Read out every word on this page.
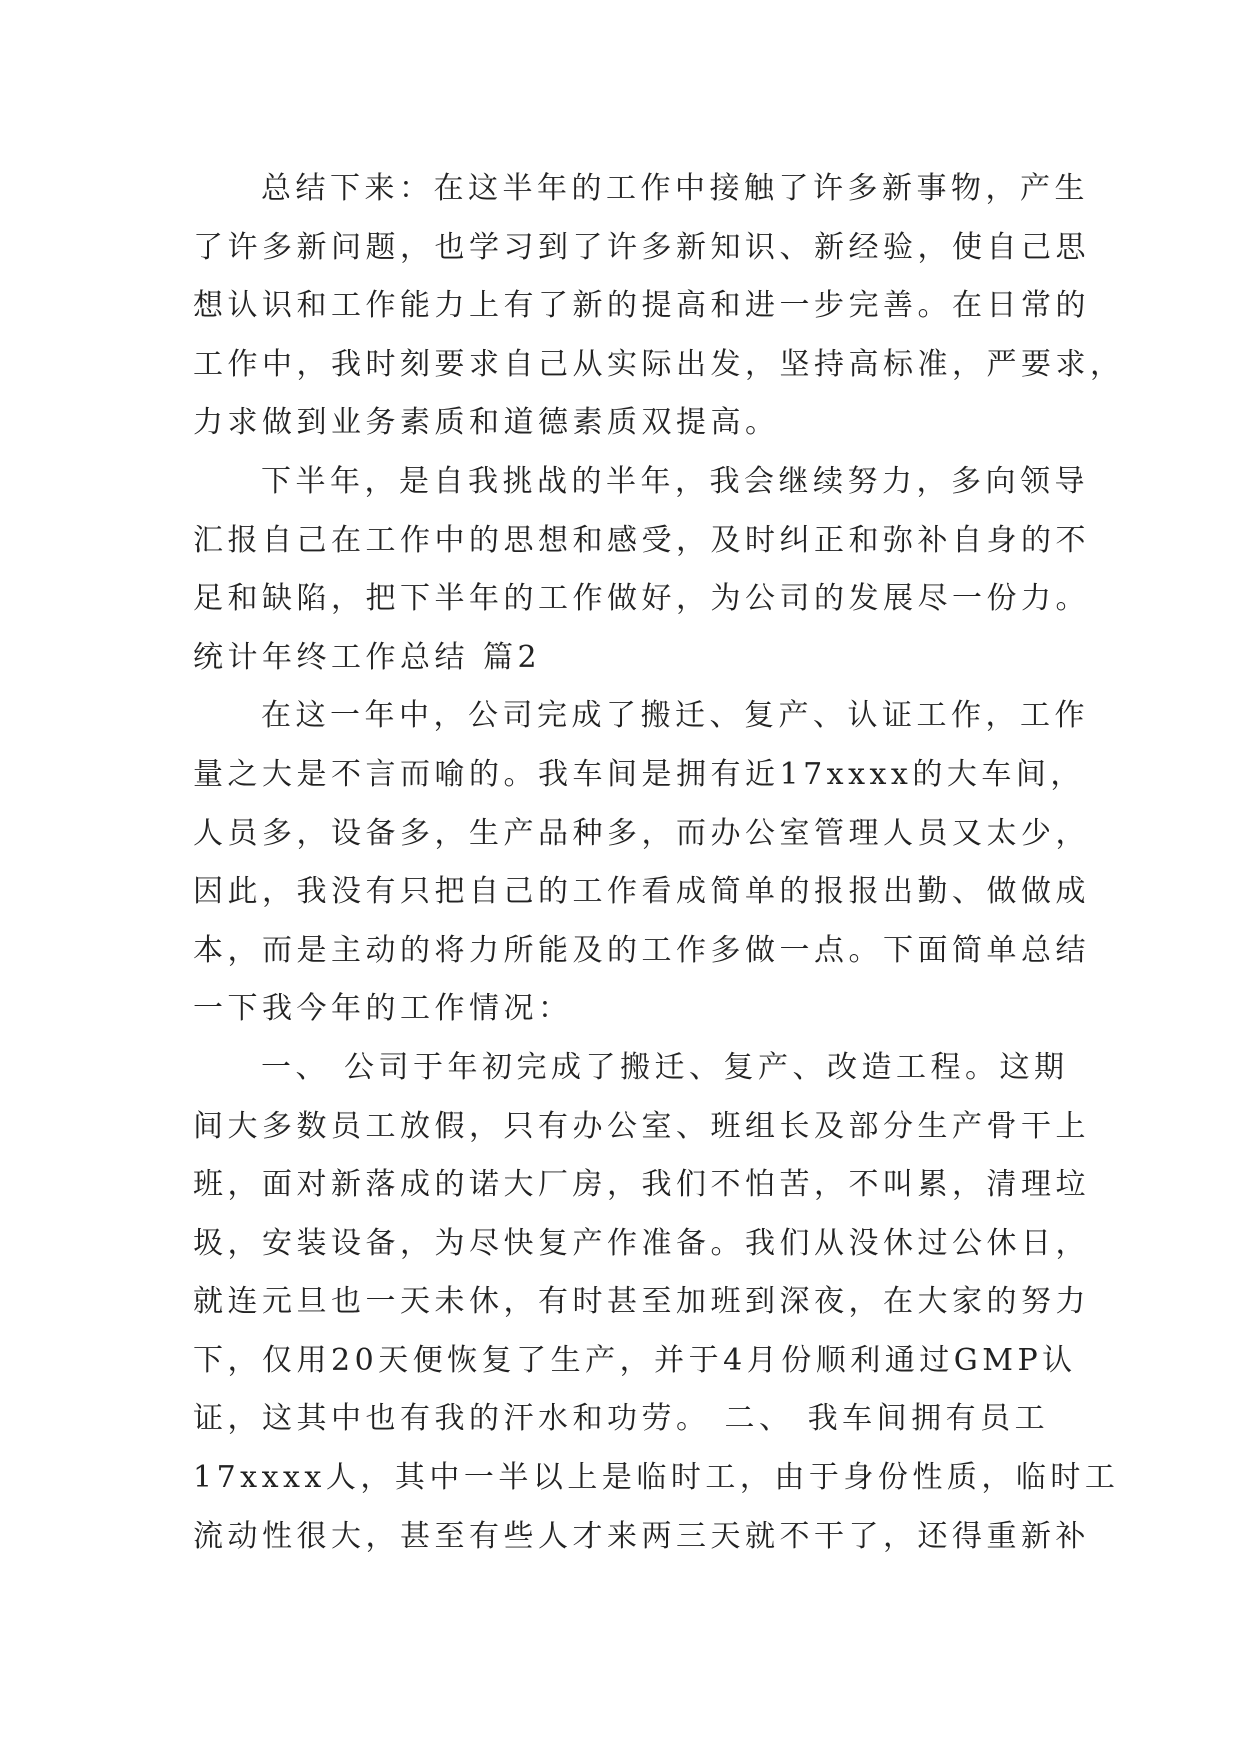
总结下来：在这半年的工作中接触了许多新事物，产生
了许多新问题，也学习到了许多新知识、新经验，使自己思
想认识和工作能力上有了新的提高和进一步完善。在日常的
工作中，我时刻要求自己从实际出发，坚持高标准，严要求，
力求做到业务素质和道德素质双提高。
下半年，是自我挑战的半年，我会继续努力，多向领导
汇报自己在工作中的思想和感受，及时纠正和弥补自身的不
足和缺陷，把下半年的工作做好，为公司的发展尽一份力。
统计年终工作总结 篇2
在这一年中，公司完成了搬迁、复产、认证工作，工作
量之大是不言而喻的。我车间是拥有近17xxxx的大车间，
人员多，设备多，生产品种多，而办公室管理人员又太少，
因此，我没有只把自己的工作看成简单的报报出勤、做做成
本，而是主动的将力所能及的工作多做一点。下面简单总结
一下我今年的工作情况：
一、 公司于年初完成了搬迁、复产、改造工程。这期
间大多数员工放假，只有办公室、班组长及部分生产骨干上
班，面对新落成的诺大厂房，我们不怕苦，不叫累，清理垃
圾，安装设备，为尽快复产作准备。我们从没休过公休日，
就连元旦也一天未休，有时甚至加班到深夜，在大家的努力
下，仅用20天便恢复了生产，并于4月份顺利通过GMP认
证，这其中也有我的汗水和功劳。 二、 我车间拥有员工
17xxxx人，其中一半以上是临时工，由于身份性质，临时工
流动性很大，甚至有些人才来两三天就不干了，还得重新补
